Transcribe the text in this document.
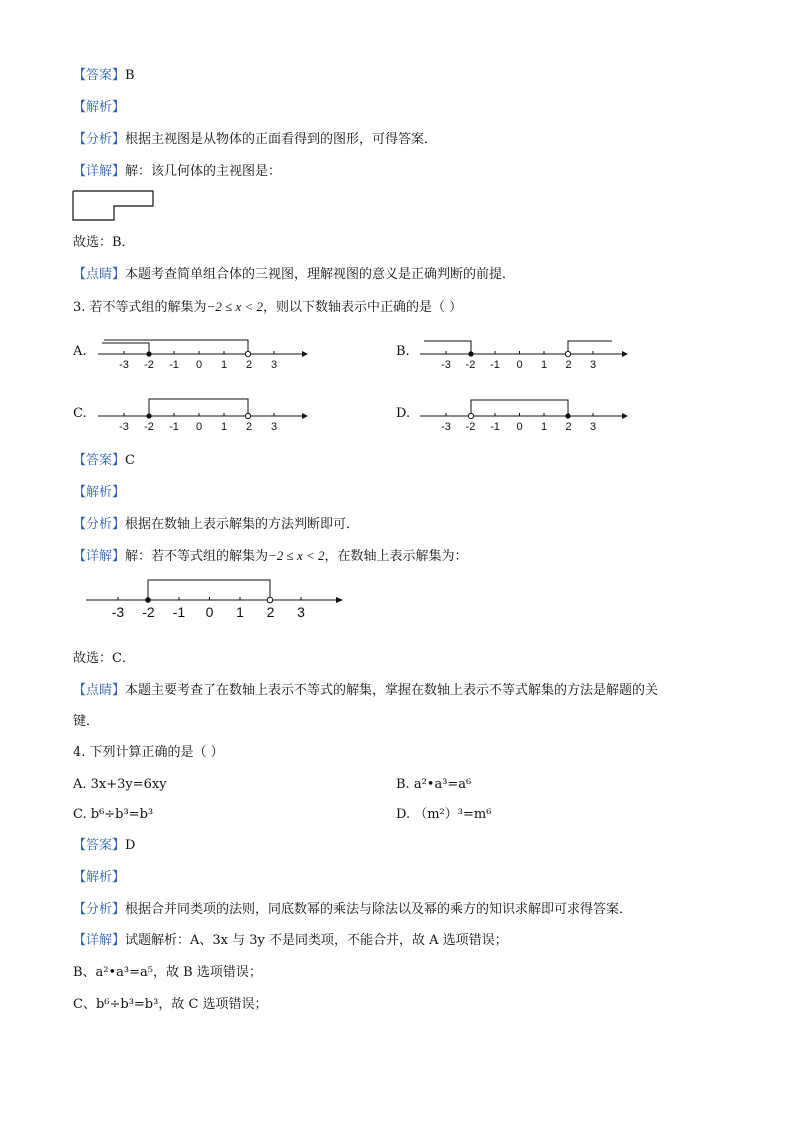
【答案】B
【解析】
【分析】根据主视图是从物体的正面看得到的图形，可得答案．
【详解】解：该几何体的主视图是：
故选：B．
【点睛】本题考查简单组合体的三视图，理解视图的意义是正确判断的前提．
3. 若不等式组的解集为−2 ≤ x < 2，则以下数轴表示中正确的是（ ）
A.
-3 -2 -1 0 1 2 3
B.
-3 -2 -1 0 1 2 3
C.
-3 -2 -1 0 1 2 3
D.
-3 -2 -1 0 1 2 3
【答案】C
【解析】
【分析】根据在数轴上表示解集的方法判断即可．
【详解】解：若不等式组的解集为−2 ≤ x < 2，在数轴上表示解集为：
-3 -2 -1 0 1 2 3
故选：C．
【点睛】本题主要考查了在数轴上表示不等式的解集，掌握在数轴上表示不等式解集的方法是解题的关
键．
4. 下列计算正确的是（ ）
A. 3x+3y=6xy	B. a²•a³=a⁶
C. b⁶÷b³=b³	D. （m²）³=m⁶
【答案】D
【解析】
【分析】根据合并同类项的法则，同底数幂的乘法与除法以及幂的乘方的知识求解即可求得答案．
【详解】试题解析：A、3x 与 3y 不是同类项，不能合并，故 A 选项错误；
B、a²•a³=a⁵，故 B 选项错误；
C、b⁶÷b³=b³，故 C 选项错误；
